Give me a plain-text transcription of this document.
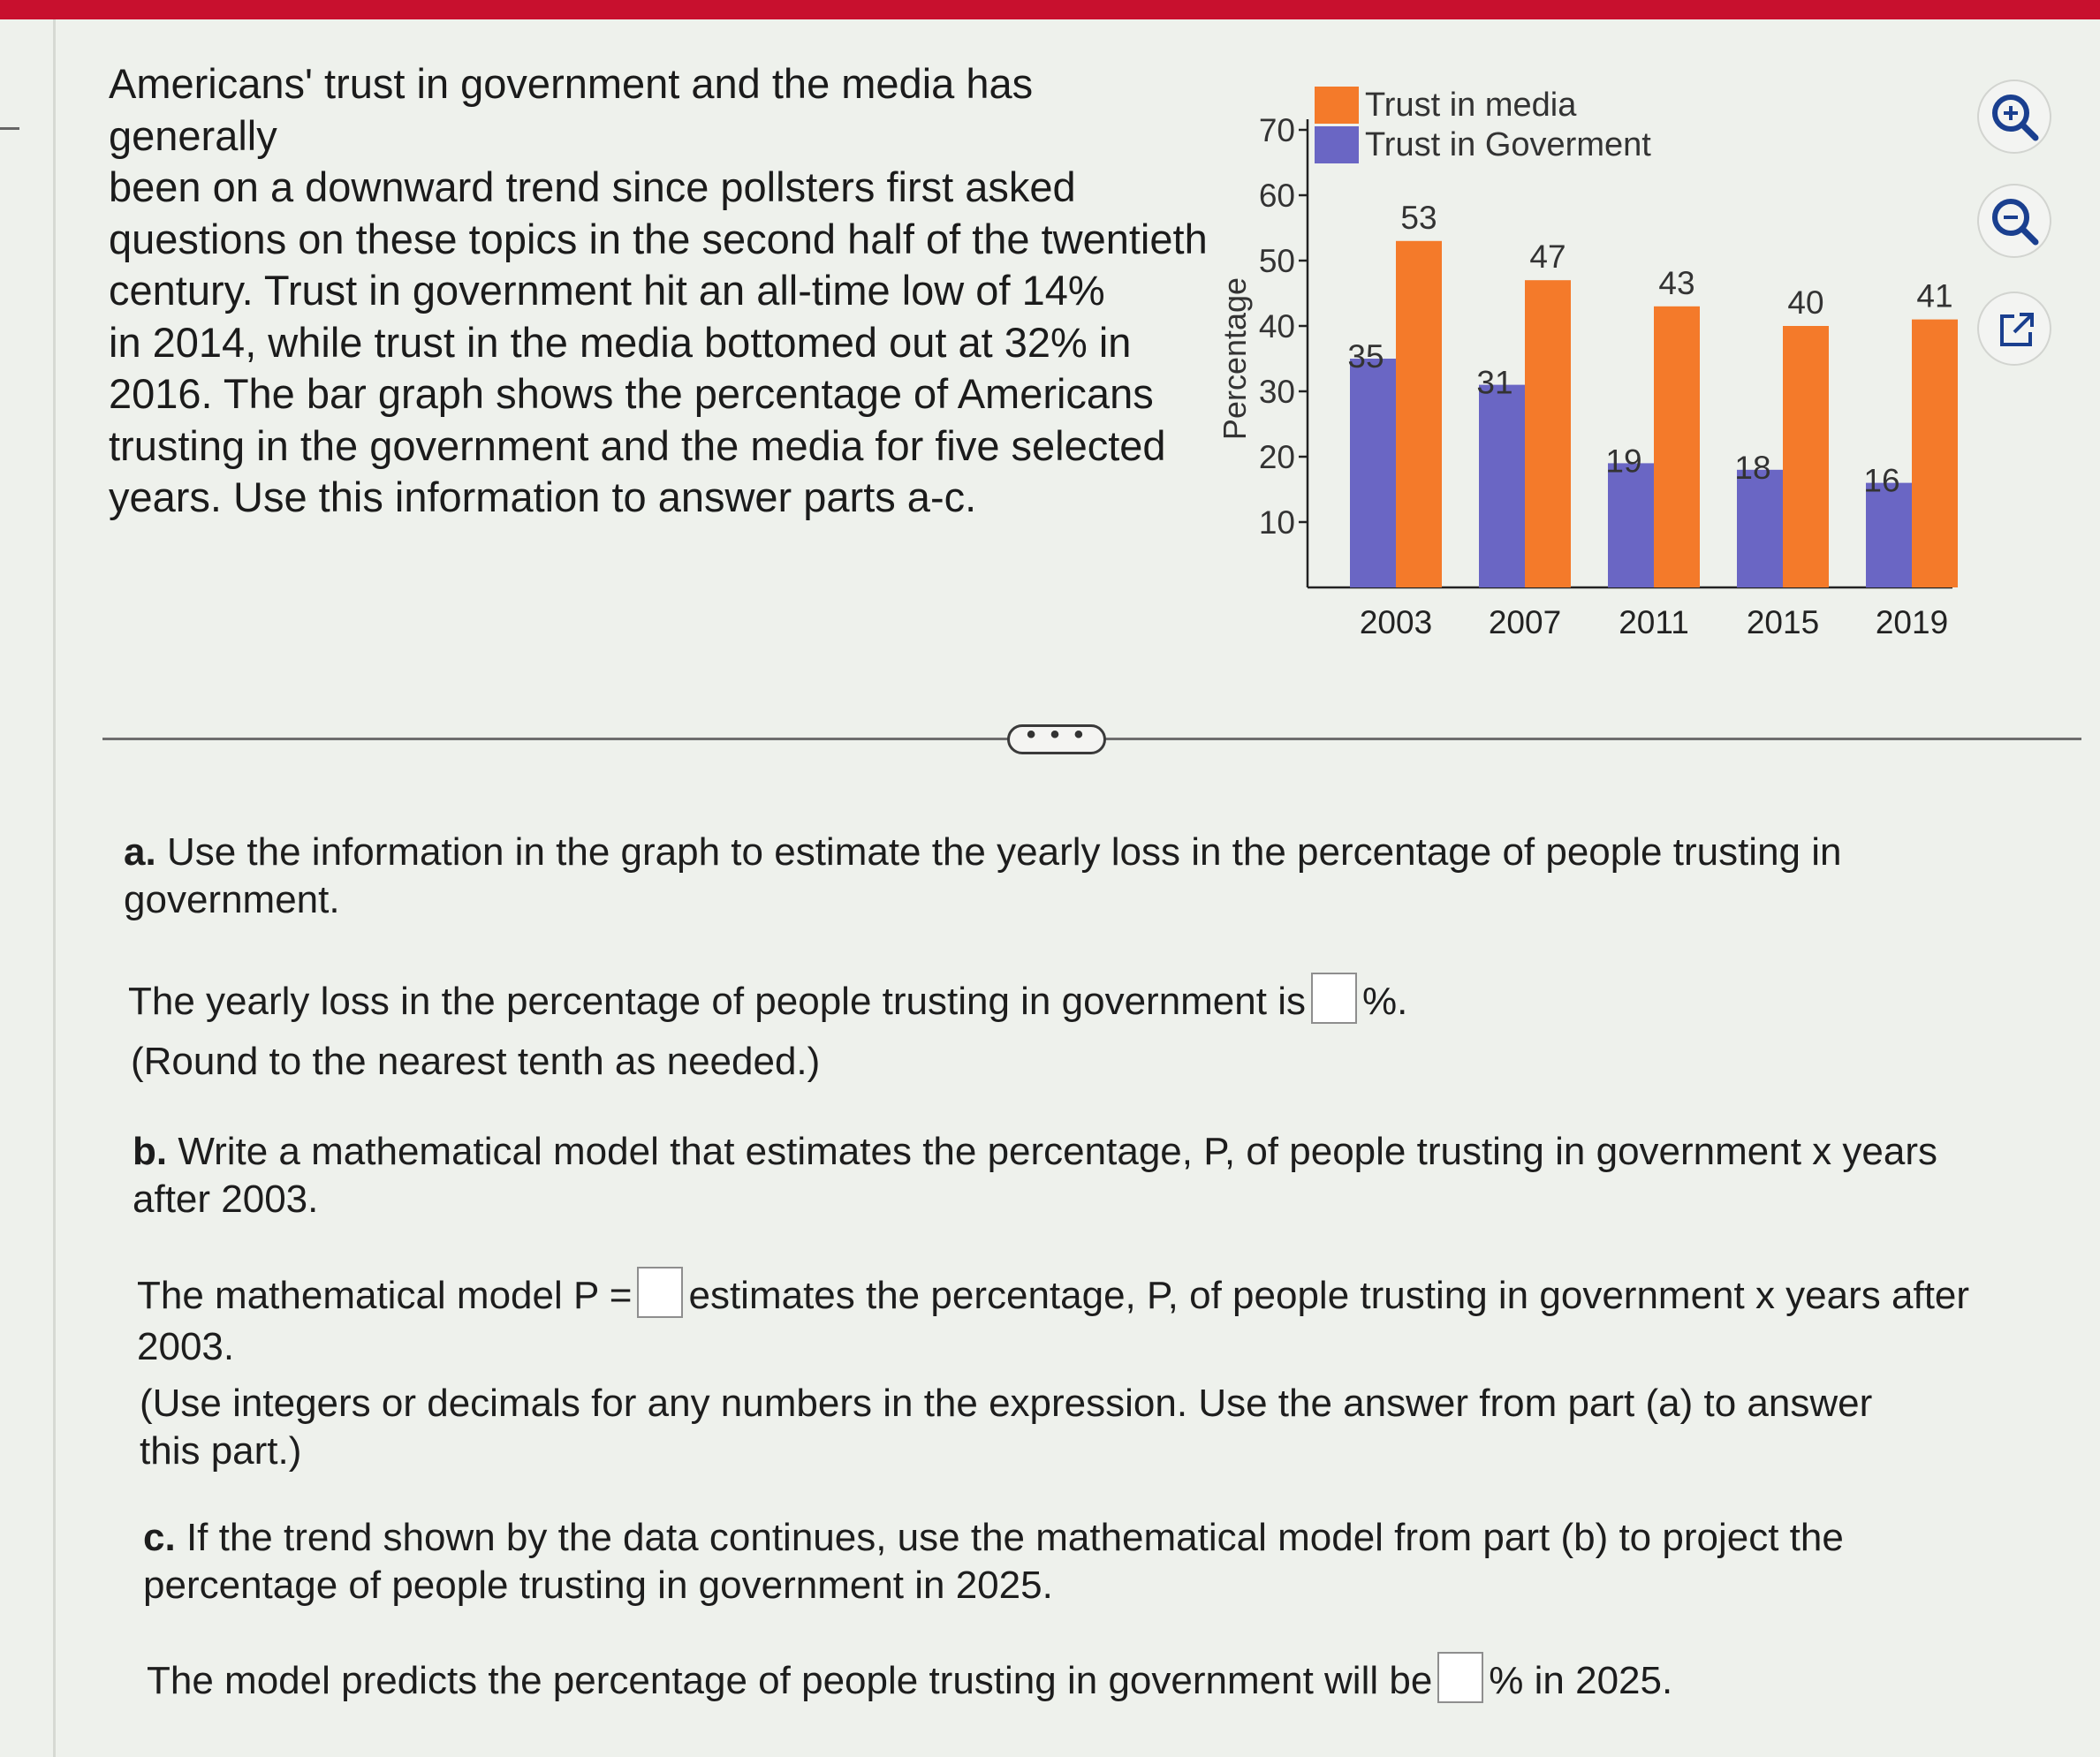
Americans' trust in government and the media has generally
been on a downward trend since pollsters first asked
questions on these topics in the second half of the twentieth
century. Trust in government hit an all-time low of 14%
in 2014, while trust in the media bottomed out at 32% in
2016. The bar graph shows the percentage of Americans
trusting in the government and the media for five selected
years. Use this information to answer parts a-c.
10
20
30
40
50
60
70
Percentage	35
53
2003
31
47
2007
19
43
2011
18
40
2015
16
41
2019
Trust in media
Trust in Goverment
• • •
a. Use the information in the graph to estimate the yearly loss in the percentage of people trusting in
government.
The yearly loss in the percentage of people trusting in government is %.
(Round to the nearest tenth as needed.)
b. Write a mathematical model that estimates the percentage, P, of people trusting in government x years
after 2003.
The mathematical model P = estimates the percentage, P, of people trusting in government x years after
2003.
(Use integers or decimals for any numbers in the expression. Use the answer from part (a) to answer
this part.)
c. If the trend shown by the data continues, use the mathematical model from part (b) to project the
percentage of people trusting in government in 2025.
The model predicts the percentage of people trusting in government will be % in 2025.
